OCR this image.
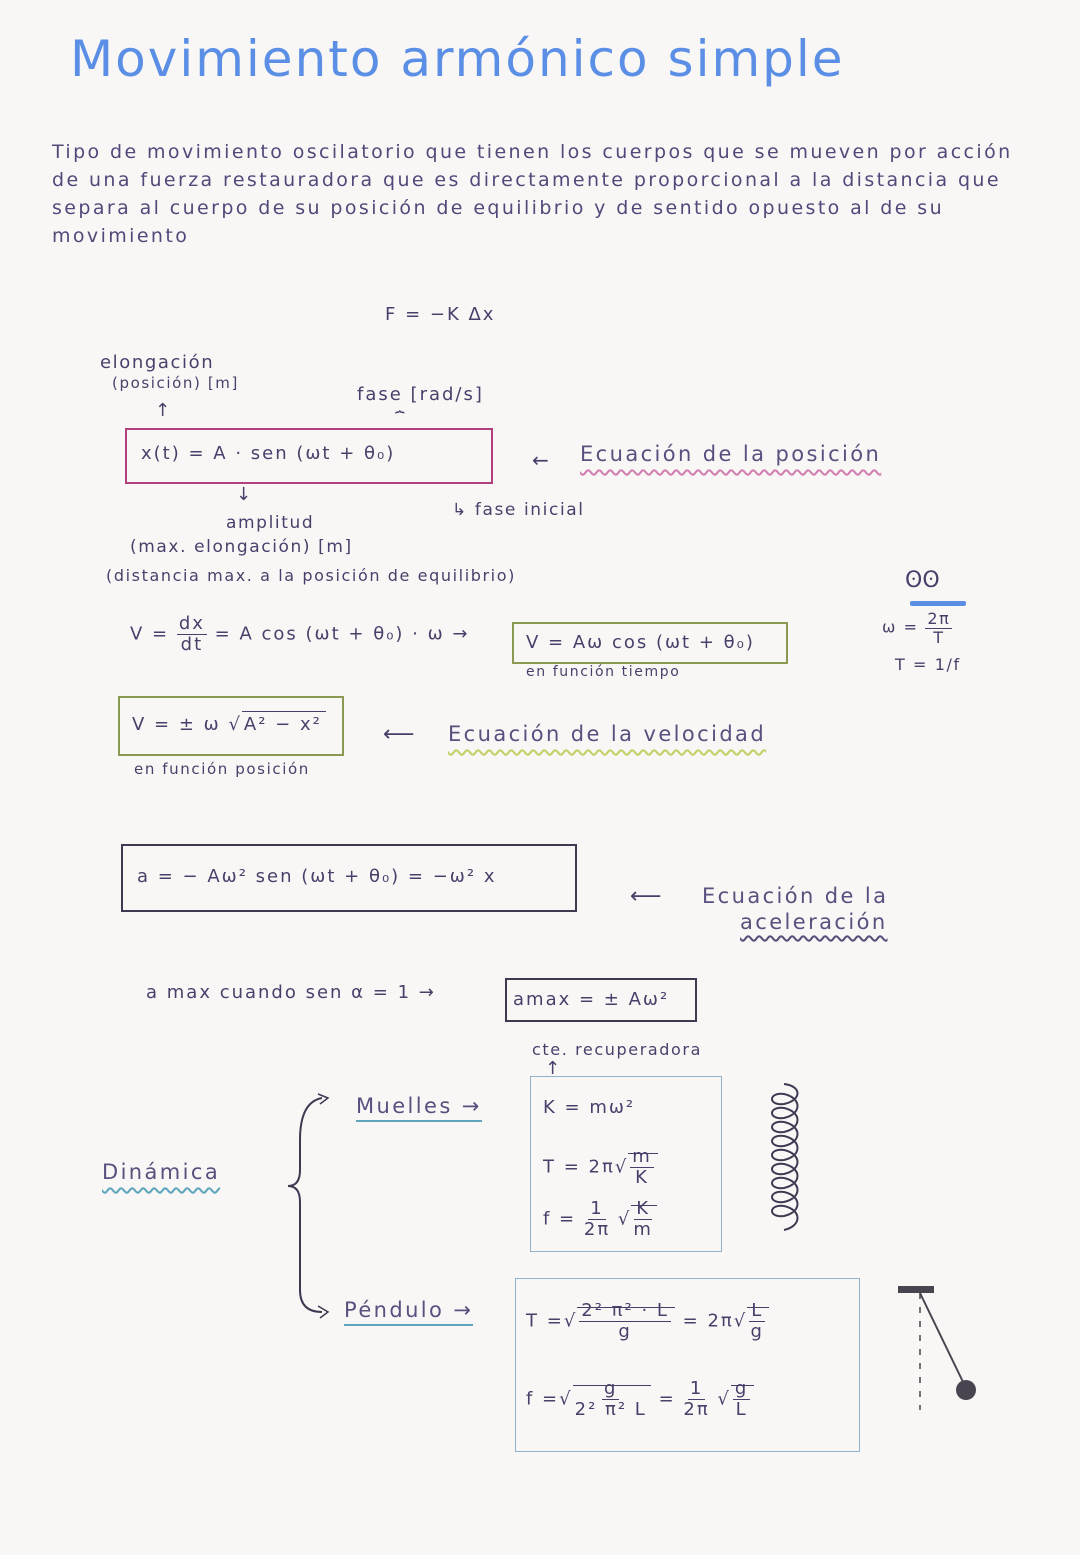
Movimiento armónico simple
Tipo de movimiento oscilatorio que tienen los cuerpos que se mueven por acción de una fuerza restauradora que es directamente proporcional a la distancia que separa al cuerpo de su posición de equilibrio y de sentido opuesto al de su movimiento
F = −K Δx
elongación
(posición) [m]
↑
fase [rad/s]
⏞
x(t) = A · sen (ωt + θ₀)	← Ecuación de la posición
↓
↳ fase inicial
amplitud
(max. elongación) [m]
(distancia max. a la posición de equilibrio)	ʘʘ
$\omega = \frac{2\pi}{T}$
T = 1/f
$V = \frac{dx}{dt} = A$ cos (ωt + θ₀) · ω →	V = Aω cos (ωt + θ₀)
en función tiempo
V = ± ω √ A² − x²
en función posición
⟵ Ecuación de la velocidad
a = − Aω² sen (ωt + θ₀) = −ω² x
⟵ Ecuación de la
aceleración
a max cuando sen α = 1 →	amax = ± Aω²
Dinámica
Muelles →
cte. recuperadora
↑
K = mω²
$T = 2\pi√ \frac{m}{K}$
$f = \frac{1}{2\pi}$ √ $\frac{K}{m}$
Péndulo →	T =√ $\frac{\text{2² π² · L}}{g} = 2\pi√ \frac{L}{g}$
f =√ $\frac{g}{\text{2² π² L}} = \frac{1}{2\pi}$ √ $\frac{g}{L}$
